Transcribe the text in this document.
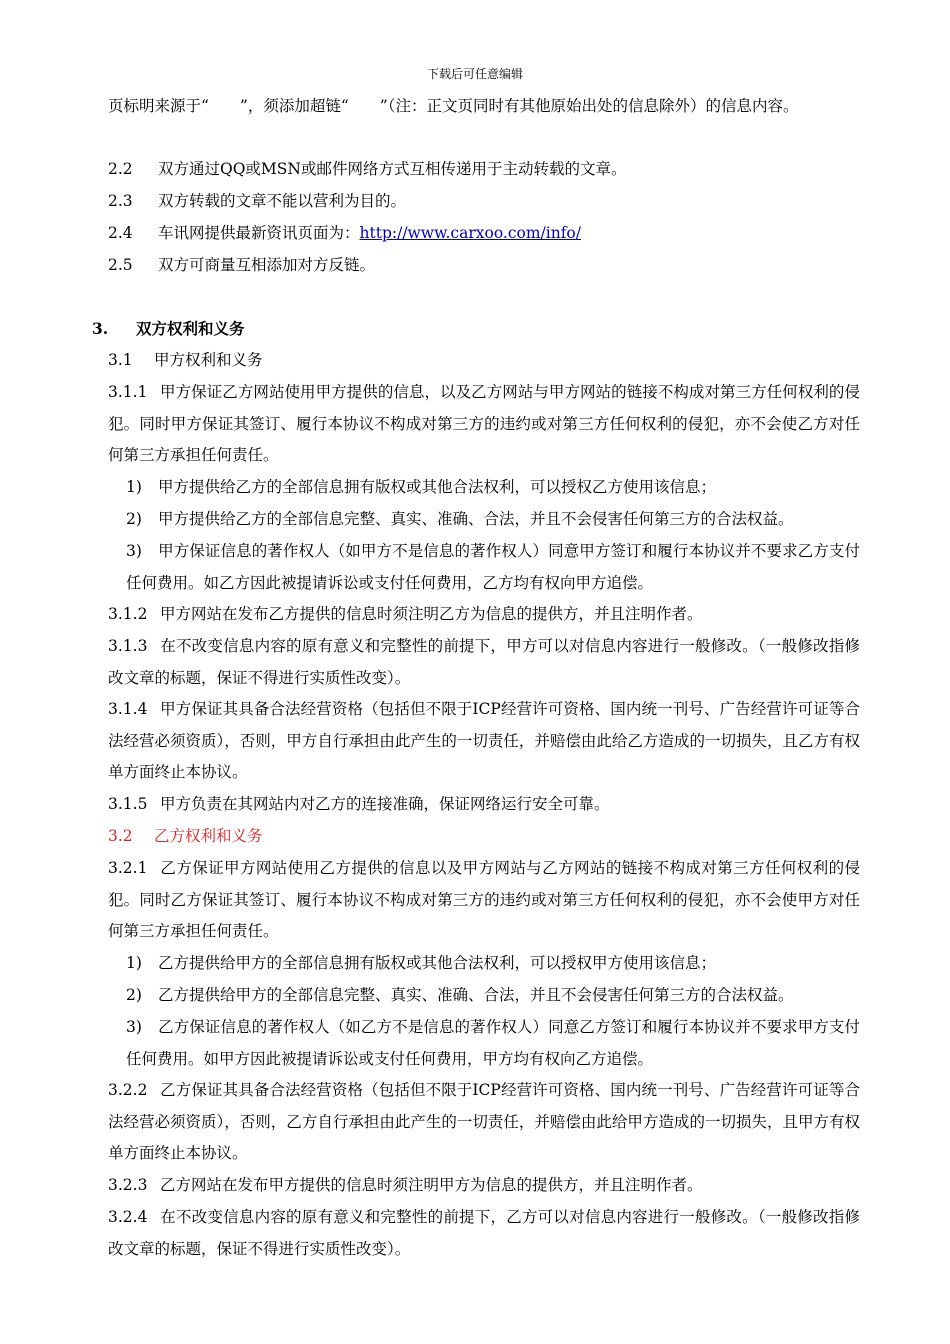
下载后可任意编辑

页标明来源于“　　”，须添加超链“　　”（注：正文页同时有其他原始出处的信息除外）的信息内容。

2.2 双方通过QQ或MSN或邮件网络方式互相传递用于主动转载的文章。
2.3 双方转载的文章不能以营利为目的。
2.4 车讯网提供最新资讯页面为：http://www.carxoo.com/info/
2.5 双方可商量互相添加对方反链。
3. 双方权利和义务
3.1 甲方权利和义务

3.1.1 甲方保证乙方网站使用甲方提供的信息，以及乙方网站与甲方网站的链接不构成对第三方任何权利的侵犯。同时甲方保证其签订、履行本协议不构成对第三方的违约或对第三方任何权利的侵犯，亦不会使乙方对任何第三方承担任何责任。

1) 甲方提供给乙方的全部信息拥有版权或其他合法权利，可以授权乙方使用该信息；

2) 甲方提供给乙方的全部信息完整、真实、准确、合法，并且不会侵害任何第三方的合法权益。

3) 甲方保证信息的著作权人（如甲方不是信息的著作权人）同意甲方签订和履行本协议并不要求乙方支付任何费用。如乙方因此被提请诉讼或支付任何费用，乙方均有权向甲方追偿。

3.1.2 甲方网站在发布乙方提供的信息时须注明乙方为信息的提供方，并且注明作者。

3.1.3 在不改变信息内容的原有意义和完整性的前提下，甲方可以对信息内容进行一般修改。（一般修改指修改文章的标题，保证不得进行实质性改变）。

3.1.4 甲方保证其具备合法经营资格（包括但不限于ICP经营许可资格、国内统一刊号、广告经营许可证等合法经营必须资质），否则，甲方自行承担由此产生的一切责任，并赔偿由此给乙方造成的一切损失，且乙方有权单方面终止本协议。

3.1.5 甲方负责在其网站内对乙方的连接准确，保证网络运行安全可靠。

3.2 乙方权利和义务

3.2.1 乙方保证甲方网站使用乙方提供的信息以及甲方网站与乙方网站的链接不构成对第三方任何权利的侵犯。同时乙方保证其签订、履行本协议不构成对第三方的违约或对第三方任何权利的侵犯，亦不会使甲方对任何第三方承担任何责任。

1) 乙方提供给甲方的全部信息拥有版权或其他合法权利，可以授权甲方使用该信息；

2) 乙方提供给甲方的全部信息完整、真实、准确、合法，并且不会侵害任何第三方的合法权益。

3) 乙方保证信息的著作权人（如乙方不是信息的著作权人）同意乙方签订和履行本协议并不要求甲方支付任何费用。如甲方因此被提请诉讼或支付任何费用，甲方均有权向乙方追偿。

3.2.2 乙方保证其具备合法经营资格（包括但不限于ICP经营许可资格、国内统一刊号、广告经营许可证等合法经营必须资质），否则，乙方自行承担由此产生的一切责任，并赔偿由此给甲方造成的一切损失，且甲方有权单方面终止本协议。

3.2.3 乙方网站在发布甲方提供的信息时须注明甲方为信息的提供方，并且注明作者。

3.2.4 在不改变信息内容的原有意义和完整性的前提下，乙方可以对信息内容进行一般修改。（一般修改指修改文章的标题，保证不得进行实质性改变）。
